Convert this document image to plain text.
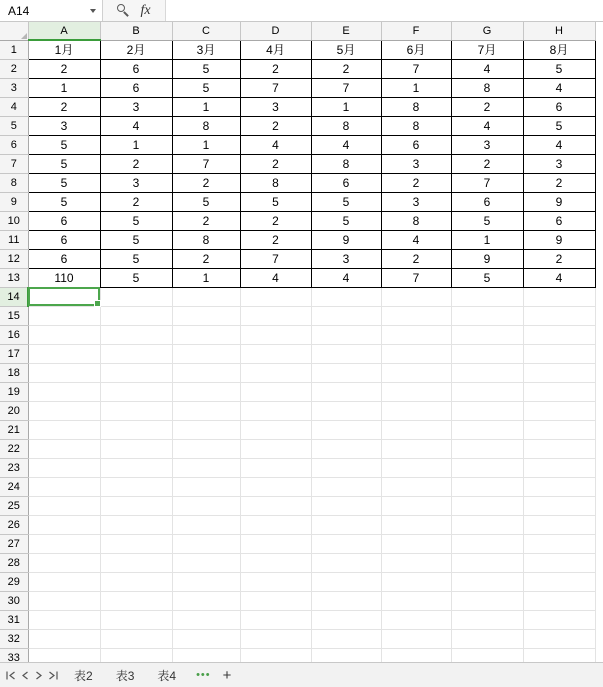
A14	fx
	A	B	C	D	E	F	G	H
1	1月	2月	3月	4月	5月	6月	7月	8月
2	2	6	5	2	2	7	4	5
3	1	6	5	7	7	1	8	4
4	2	3	1	3	1	8	2	6
5	3	4	8	2	8	8	4	5
6	5	1	1	4	4	6	3	4
7	5	2	7	2	8	3	2	3
8	5	3	2	8	6	2	7	2
9	5	2	5	5	5	3	6	9
10	6	5	2	2	5	8	5	6
11	6	5	8	2	9	4	1	9
12	6	5	2	7	3	2	9	2
13	110	5	1	4	4	7	5	4
14								
15								
16								
17								
18								
19								
20								
21								
22								
23								
24								
25								
26								
27								
28								
29								
30								
31								
32								
33								
表2	表3	表4	••• +
